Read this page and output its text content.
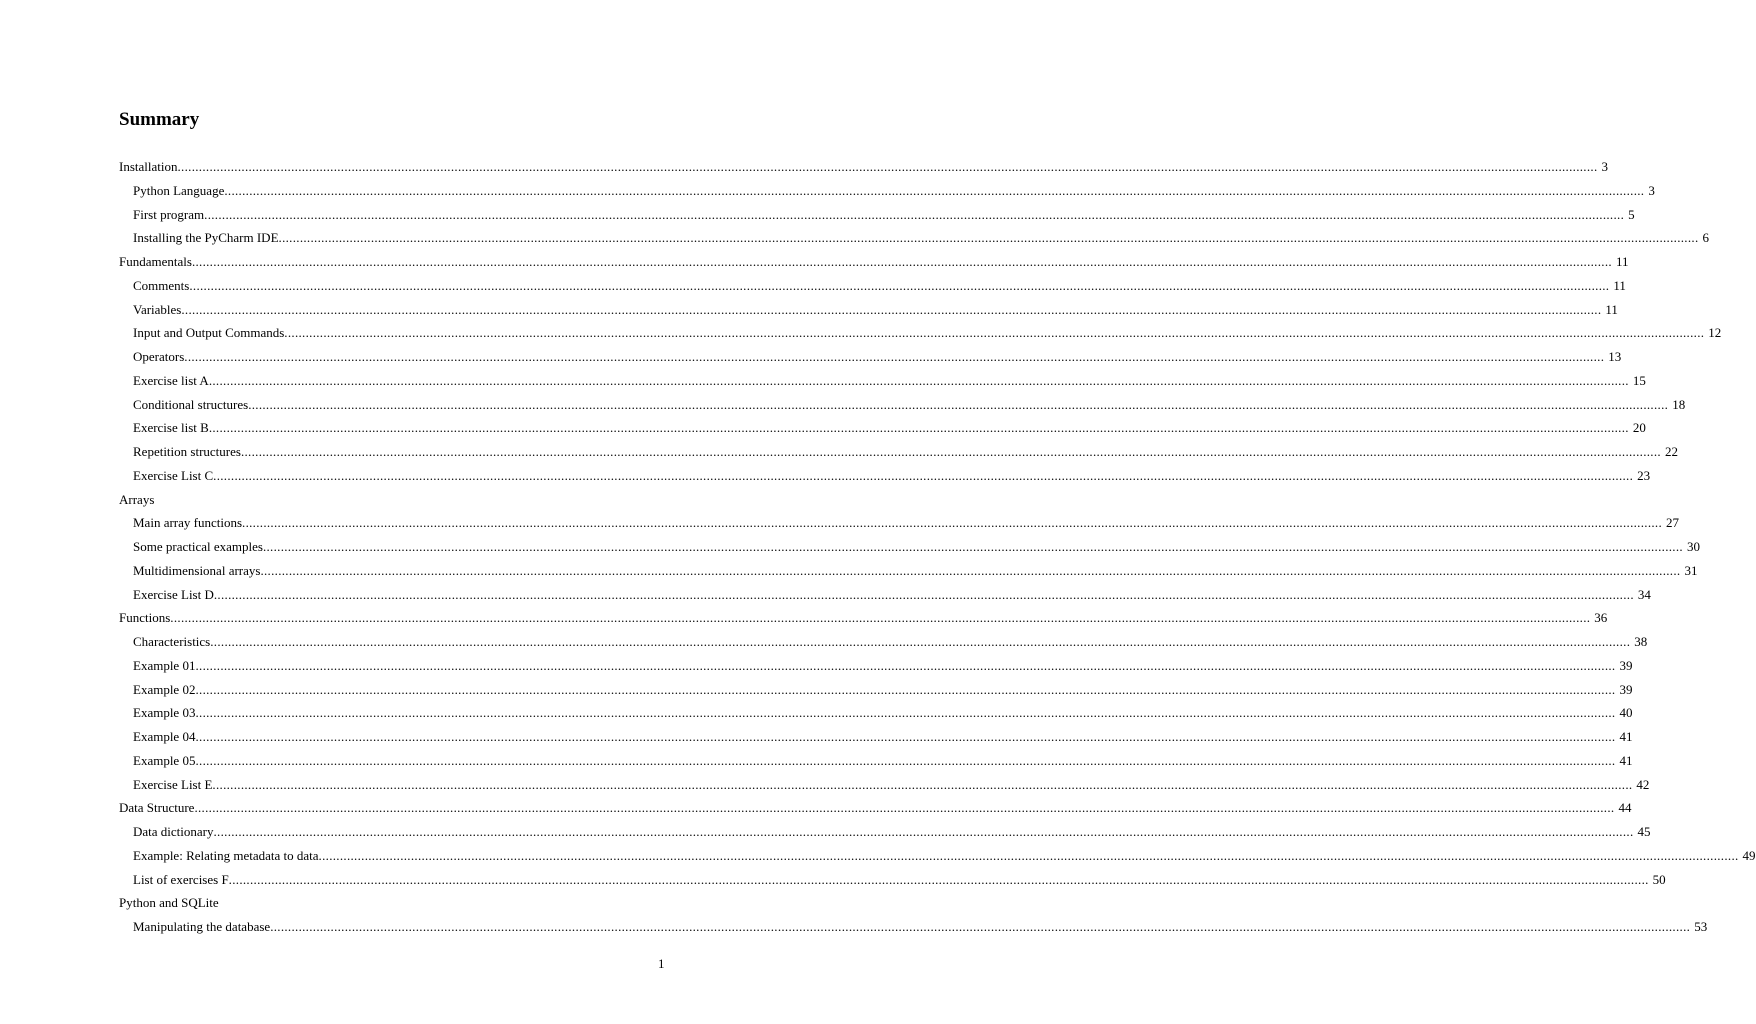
Summary
Installation ................................................................................................................................................................................................................................................................................................................................................................................................................ 3
Python Language ................................................................................................................................................................................................................................................................................................................................................................................................................ 3
First program ................................................................................................................................................................................................................................................................................................................................................................................................................ 5
Installing the PyCharm IDE ................................................................................................................................................................................................................................................................................................................................................................................................................ 6
Fundamentals ................................................................................................................................................................................................................................................................................................................................................................................................................ 11
Comments ................................................................................................................................................................................................................................................................................................................................................................................................................ 11
Variables ................................................................................................................................................................................................................................................................................................................................................................................................................ 11
Input and Output Commands ................................................................................................................................................................................................................................................................................................................................................................................................................ 12
Operators ................................................................................................................................................................................................................................................................................................................................................................................................................ 13
Exercise list A ................................................................................................................................................................................................................................................................................................................................................................................................................ 15
Conditional structures ................................................................................................................................................................................................................................................................................................................................................................................................................ 18
Exercise list B ................................................................................................................................................................................................................................................................................................................................................................................................................ 20
Repetition structures ................................................................................................................................................................................................................................................................................................................................................................................................................ 22
Exercise List C ................................................................................................................................................................................................................................................................................................................................................................................................................ 23
Arrays
Main array functions ................................................................................................................................................................................................................................................................................................................................................................................................................ 27
Some practical examples ................................................................................................................................................................................................................................................................................................................................................................................................................ 30
Multidimensional arrays ................................................................................................................................................................................................................................................................................................................................................................................................................ 31
Exercise List D ................................................................................................................................................................................................................................................................................................................................................................................................................ 34
Functions ................................................................................................................................................................................................................................................................................................................................................................................................................ 36
Characteristics ................................................................................................................................................................................................................................................................................................................................................................................................................ 38
Example 01 ................................................................................................................................................................................................................................................................................................................................................................................................................ 39
Example 02 ................................................................................................................................................................................................................................................................................................................................................................................................................ 39
Example 03 ................................................................................................................................................................................................................................................................................................................................................................................................................ 40
Example 04 ................................................................................................................................................................................................................................................................................................................................................................................................................ 41
Example 05 ................................................................................................................................................................................................................................................................................................................................................................................................................ 41
Exercise List E ................................................................................................................................................................................................................................................................................................................................................................................................................ 42
Data Structure ................................................................................................................................................................................................................................................................................................................................................................................................................ 44
Data dictionary ................................................................................................................................................................................................................................................................................................................................................................................................................ 45
Example: Relating metadata to data ................................................................................................................................................................................................................................................................................................................................................................................................................ 49
List of exercises F ................................................................................................................................................................................................................................................................................................................................................................................................................ 50
Python and SQLite
Manipulating the database ................................................................................................................................................................................................................................................................................................................................................................................................................ 53
1
